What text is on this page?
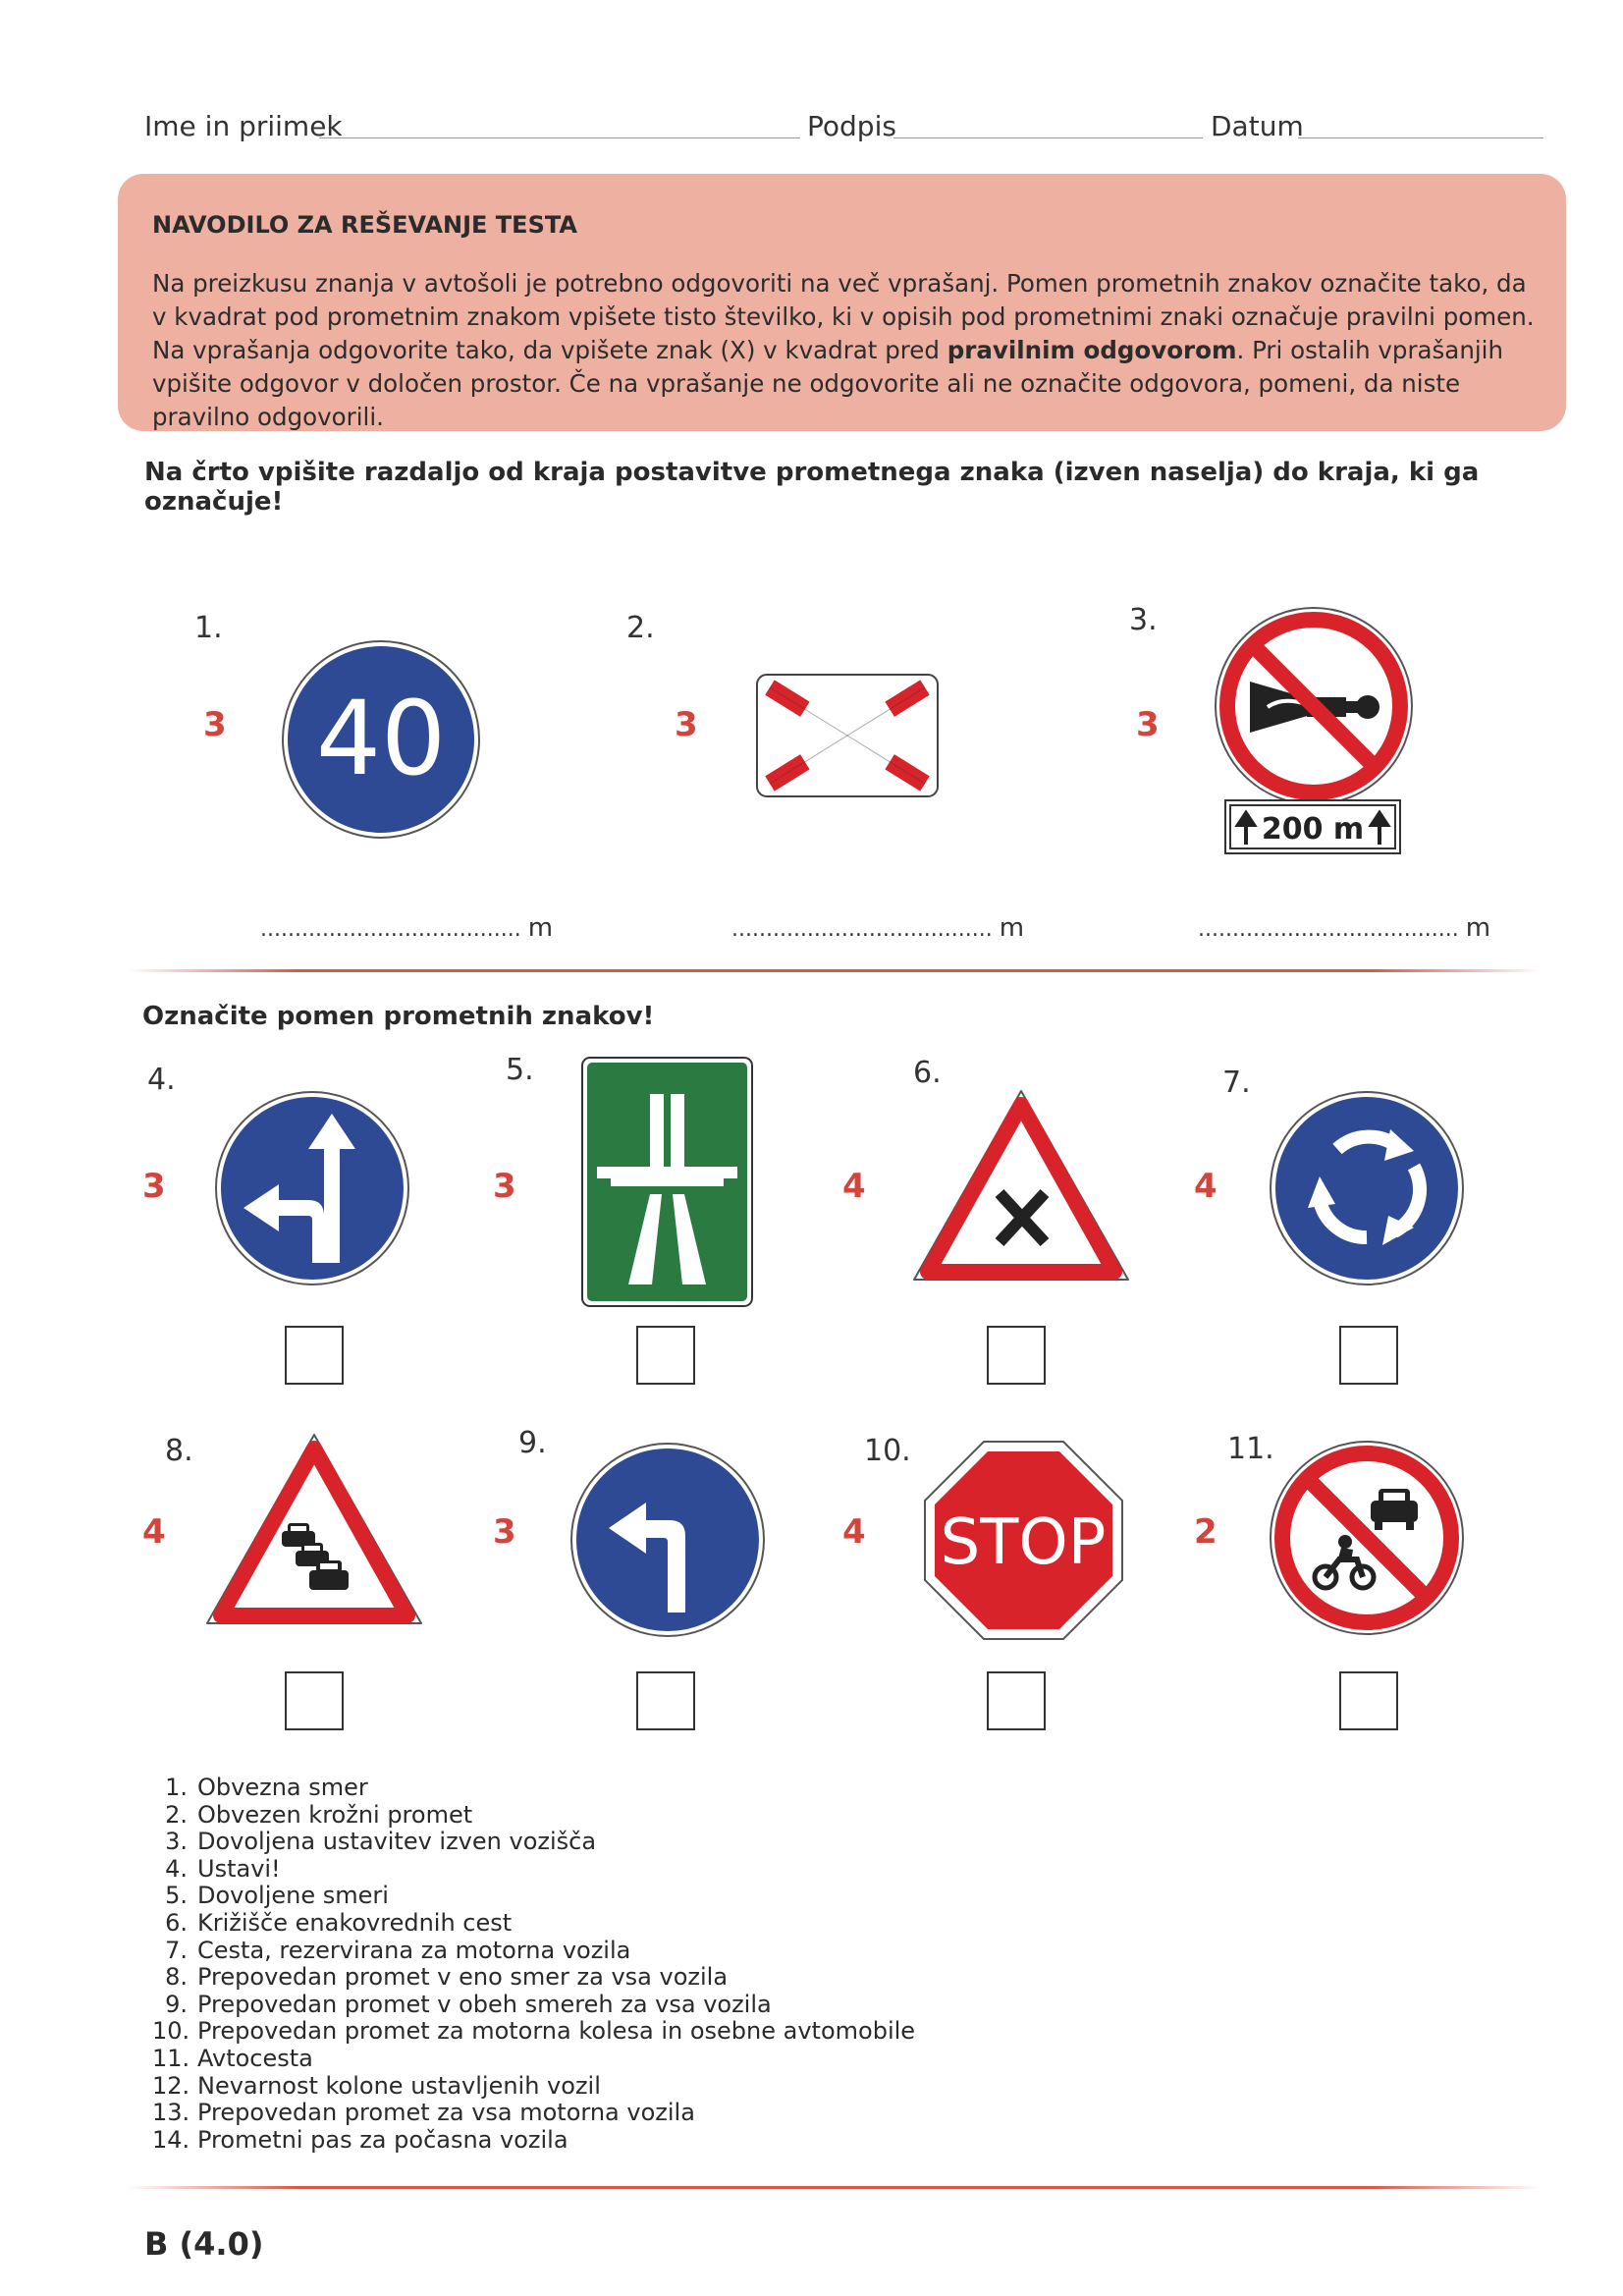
Ime in priimek	Podpis	Datum
NAVODILO ZA REŠEVANJE TESTA
Na preizkusu znanja v avtošoli je potrebno odgovoriti na več vprašanj. Pomen prometnih znakov označite tako, da v kvadrat pod prometnim znakom vpišete tisto številko, ki v opisih pod prometnimi znaki označuje pravilni pomen. Na vprašanja odgovorite tako, da vpišete znak (X) v kvadrat pred pravilnim odgovorom. Pri ostalih vprašanjih vpišite odgovor v določen prostor. Če na vprašanje ne odgovorite ali ne označite odgovora, pomeni, da niste pravilno odgovorili.
Na črto vpišite razdaljo od kraja postavitve prometnega znaka (izven naselja) do kraja, ki ga označuje!
1.
3 40
...................................... m
2.
3
...................................... m
3.
3
200 m
...................................... m
Označite pomen prometnih znakov!
4.	5.	6.	7.
3	3	4	4
8.	9.	10.	11.
4	3	4	2
STOP
1. Obvezna smer
2. Obvezen krožni promet
3. Dovoljena ustavitev izven vozišča
4. Ustavi!
5. Dovoljene smeri
6. Križišče enakovrednih cest
7. Cesta, rezervirana za motorna vozila
8. Prepovedan promet v eno smer za vsa vozila
9. Prepovedan promet v obeh smereh za vsa vozila
10. Prepovedan promet za motorna kolesa in osebne avtomobile
11. Avtocesta
12. Nevarnost kolone ustavljenih vozil
13. Prepovedan promet za vsa motorna vozila
14. Prometni pas za počasna vozila
B (4.0)
